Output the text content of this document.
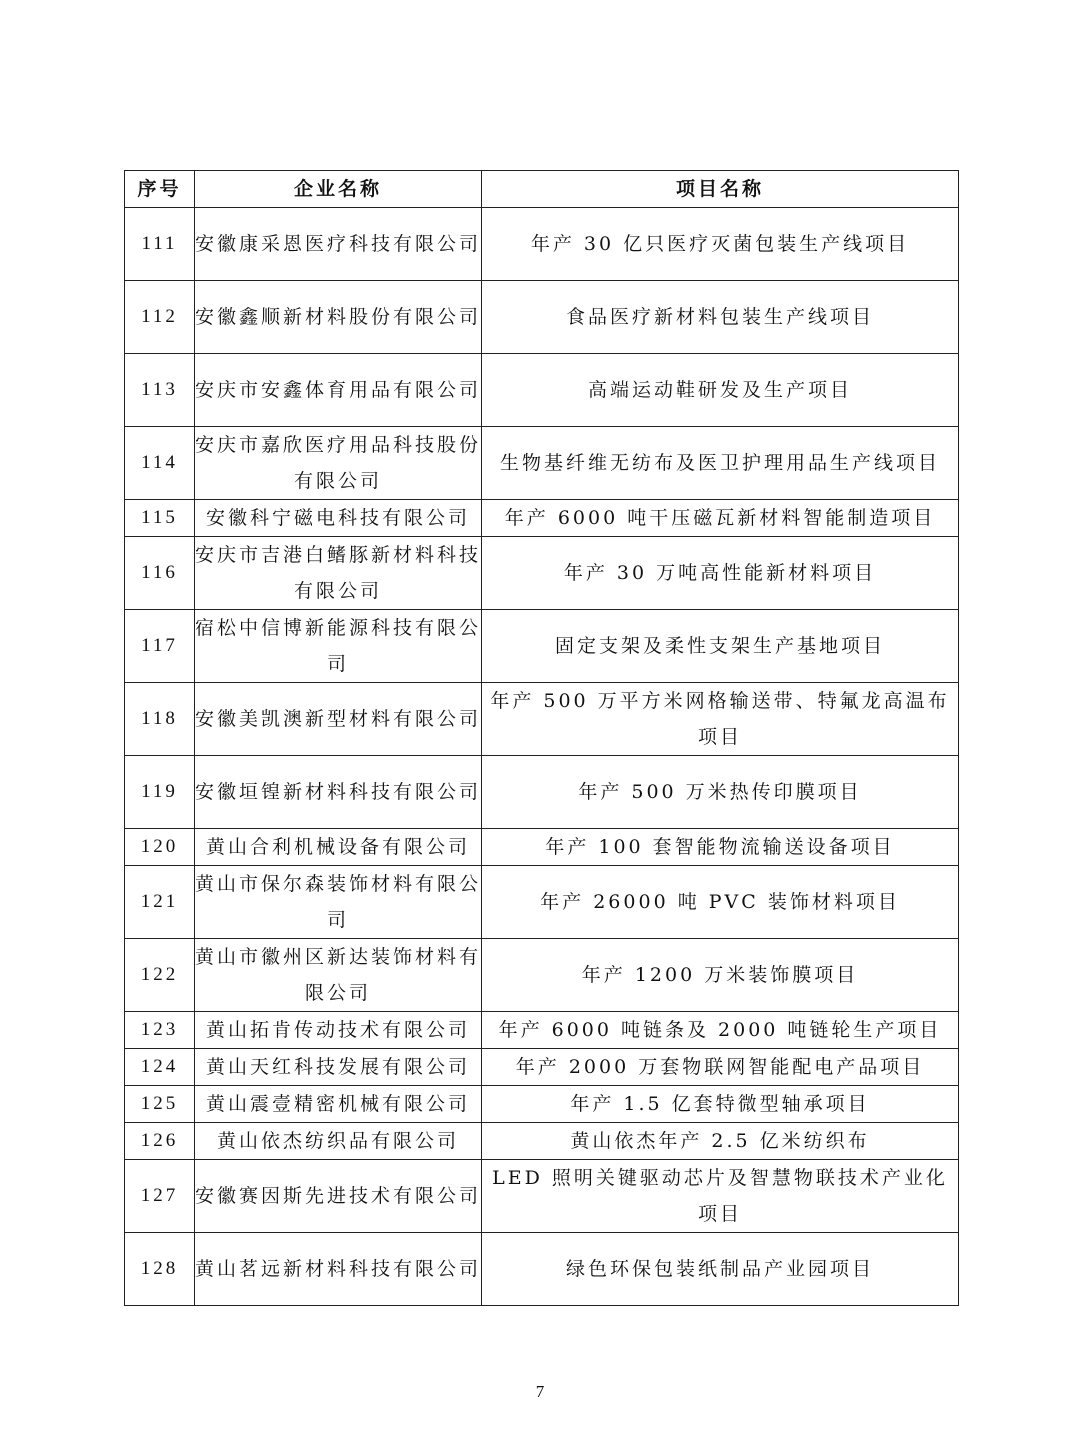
序号	企业名称	项目名称
111	安徽康采恩医疗科技有限公司	年产 30 亿只医疗灭菌包装生产线项目
112	安徽鑫顺新材料股份有限公司	食品医疗新材料包装生产线项目
113	安庆市安鑫体育用品有限公司	高端运动鞋研发及生产项目
114	安庆市嘉欣医疗用品科技股份有限公司	生物基纤维无纺布及医卫护理用品生产线项目
115	安徽科宁磁电科技有限公司	年产 6000 吨干压磁瓦新材料智能制造项目
116	安庆市吉港白鳍豚新材料科技有限公司	年产 30 万吨高性能新材料项目
117	宿松中信博新能源科技有限公司	固定支架及柔性支架生产基地项目
118	安徽美凯澳新型材料有限公司	年产 500 万平方米网格输送带、特氟龙高温布项目
119	安徽垣锽新材料科技有限公司	年产 500 万米热传印膜项目
120	黄山合利机械设备有限公司	年产 100 套智能物流输送设备项目
121	黄山市保尔森装饰材料有限公司	年产 26000 吨 PVC 装饰材料项目
122	黄山市徽州区新达装饰材料有限公司	年产 1200 万米装饰膜项目
123	黄山拓肯传动技术有限公司	年产 6000 吨链条及 2000 吨链轮生产项目
124	黄山天红科技发展有限公司	年产 2000 万套物联网智能配电产品项目
125	黄山震壹精密机械有限公司	年产 1.5 亿套特微型轴承项目
126	黄山依杰纺织品有限公司	黄山依杰年产 2.5 亿米纺织布
127	安徽赛因斯先进技术有限公司	LED 照明关键驱动芯片及智慧物联技术产业化项目
128	黄山茗远新材料科技有限公司	绿色环保包装纸制品产业园项目
7
